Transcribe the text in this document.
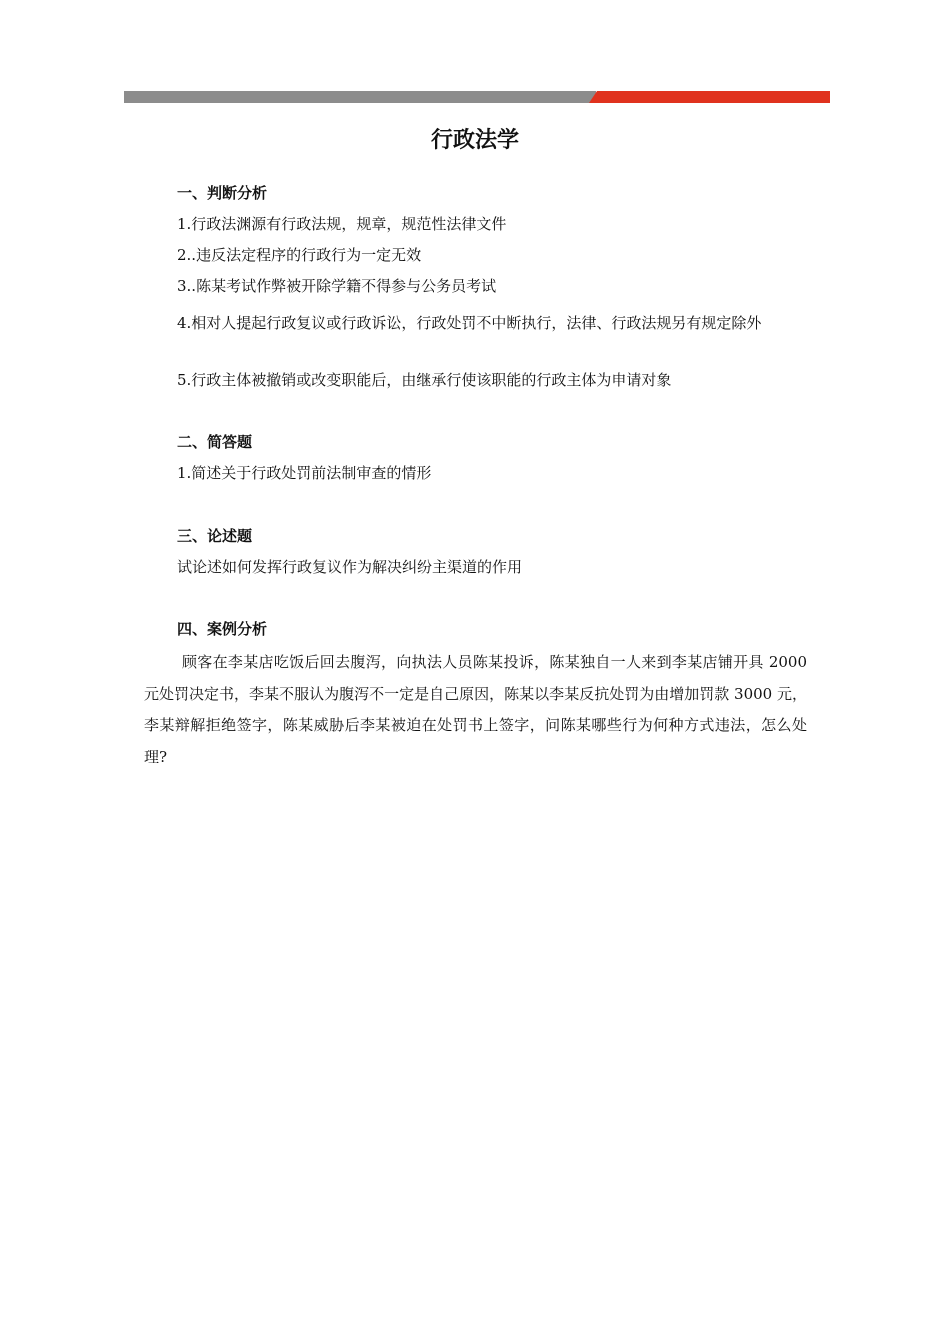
行政法学
一、判断分析

1.行政法渊源有行政法规，规章，规范性法律文件

2..违反法定程序的行政行为一定无效

3..陈某考试作弊被开除学籍不得参与公务员考试

4.相对人提起行政复议或行政诉讼，行政处罚不中断执行，法律、行政法规另有规定除外

5.行政主体被撤销或改变职能后，由继承行使该职能的行政主体为申请对象

二、简答题

1.简述关于行政处罚前法制审查的情形

三、论述题

试论述如何发挥行政复议作为解决纠纷主渠道的作用

四、案例分析

顾客在李某店吃饭后回去腹泻，向执法人员陈某投诉，陈某独自一人来到李某店铺开具 2000 元处罚决定书，李某不服认为腹泻不一定是自己原因，陈某以李某反抗处罚为由增加罚款 3000 元，李某辩解拒绝签字，陈某威胁后李某被迫在处罚书上签字，问陈某哪些行为何种方式违法，怎么处理?
